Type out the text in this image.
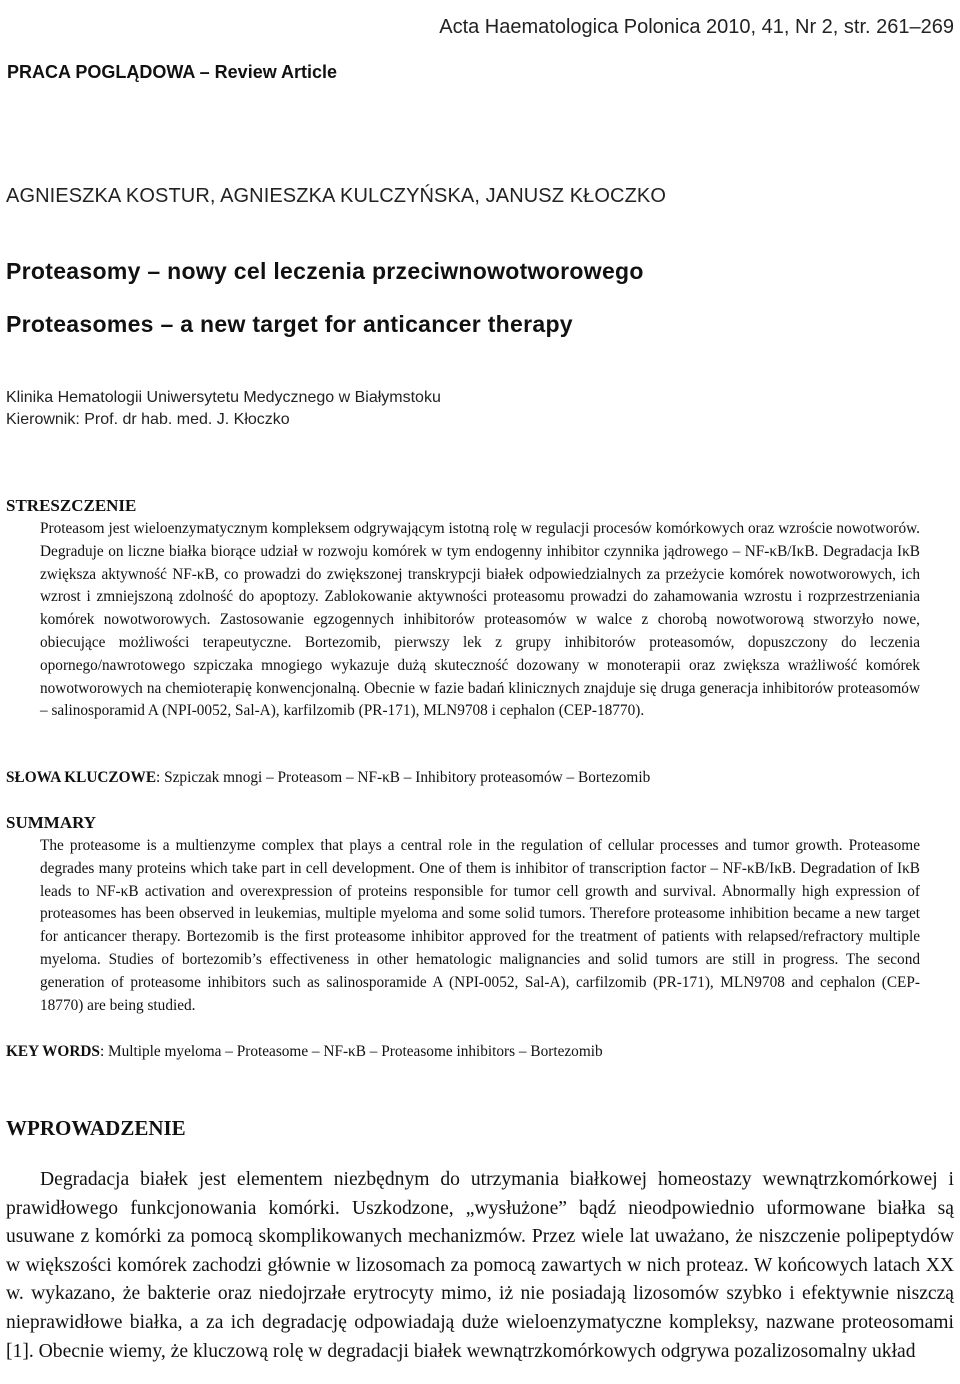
Acta Haematologica Polonica 2010, 41, Nr 2, str. 261–269
PRACA POGLĄDOWA – Review Article
AGNIESZKA KOSTUR, AGNIESZKA KULCZYŃSKA, JANUSZ KŁOCZKO
Proteasomy – nowy cel leczenia przeciwnowotworowego
Proteasomes – a new target for anticancer therapy
Klinika Hematologii Uniwersytetu Medycznego w Białymstoku
Kierownik: Prof. dr hab. med. J. Kłoczko
STRESZCZENIE
Proteasom jest wieloenzymatycznym kompleksem odgrywającym istotną rolę w regulacji procesów komórkowych oraz wzroście nowotworów. Degraduje on liczne białka biorące udział w rozwoju komórek w tym endogenny inhibitor czynnika jądrowego – NF-κB/IκB. Degradacja IκB zwiększa aktywność NF-κB, co prowadzi do zwiększonej transkrypcji białek odpowiedzialnych za przeżycie komórek nowotworowych, ich wzrost i zmniejszoną zdolność do apoptozy. Zablokowanie aktywności proteasomu prowadzi do zahamowania wzrostu i rozprzestrzeniania komórek nowotworowych. Zastosowanie egzogennych inhibitorów proteasomów w walce z chorobą nowotworową stworzyło nowe, obiecujące możliwości terapeutyczne. Bortezomib, pierwszy lek z grupy inhibitorów proteasomów, dopuszczony do leczenia opornego/nawrotowego szpiczaka mnogiego wykazuje dużą skuteczność dozowany w monoterapii oraz zwiększa wrażliwość komórek nowotworowych na chemioterapię konwencjonalną. Obecnie w fazie badań klinicznych znajduje się druga generacja inhibitorów proteasomów – salinosporamid A (NPI-0052, Sal-A), karfilzomib (PR-171), MLN9708 i cephalon (CEP-18770).
SŁOWA KLUCZOWE: Szpiczak mnogi – Proteasom – NF-κB – Inhibitory proteasomów – Bortezomib
SUMMARY
The proteasome is a multienzyme complex that plays a central role in the regulation of cellular processes and tumor growth. Proteasome degrades many proteins which take part in cell development. One of them is inhibitor of transcription factor – NF-κB/IκB. Degradation of IκB leads to NF-κB activation and overexpression of proteins responsible for tumor cell growth and survival. Abnormally high expression of proteasomes has been observed in leukemias, multiple myeloma and some solid tumors. Therefore proteasome inhibition became a new target for anticancer therapy. Bortezomib is the first proteasome inhibitor approved for the treatment of patients with relapsed/refractory multiple myeloma. Studies of bortezomib’s effectiveness in other hematologic malignancies and solid tumors are still in progress. The second generation of proteasome inhibitors such as salinosporamide A (NPI-0052, Sal-A), carfilzomib (PR-171), MLN9708 and cephalon (CEP-18770) are being studied.
KEY WORDS: Multiple myeloma – Proteasome – NF-κB – Proteasome inhibitors – Bortezomib
WPROWADZENIE
Degradacja białek jest elementem niezbędnym do utrzymania białkowej homeostazy wewnątrzkomórkowej i prawidłowego funkcjonowania komórki. Uszkodzone, „wysłużone” bądź nieodpowiednio uformowane białka są usuwane z komórki za pomocą skomplikowanych mechanizmów. Przez wiele lat uważano, że niszczenie polipeptydów w większości komórek zachodzi głównie w lizosomach za pomocą zawartych w nich proteaz. W końcowych latach XX w. wykazano, że bakterie oraz niedojrzałe erytrocyty mimo, iż nie posiadają lizosomów szybko i efektywnie niszczą nieprawidłowe białka, a za ich degradację odpowiadają duże wieloenzymatyczne kompleksy, nazwane proteosomami [1]. Obecnie wiemy, że kluczową rolę w degradacji białek wewnątrzkomórkowych odgrywa pozalizosomalny układ
